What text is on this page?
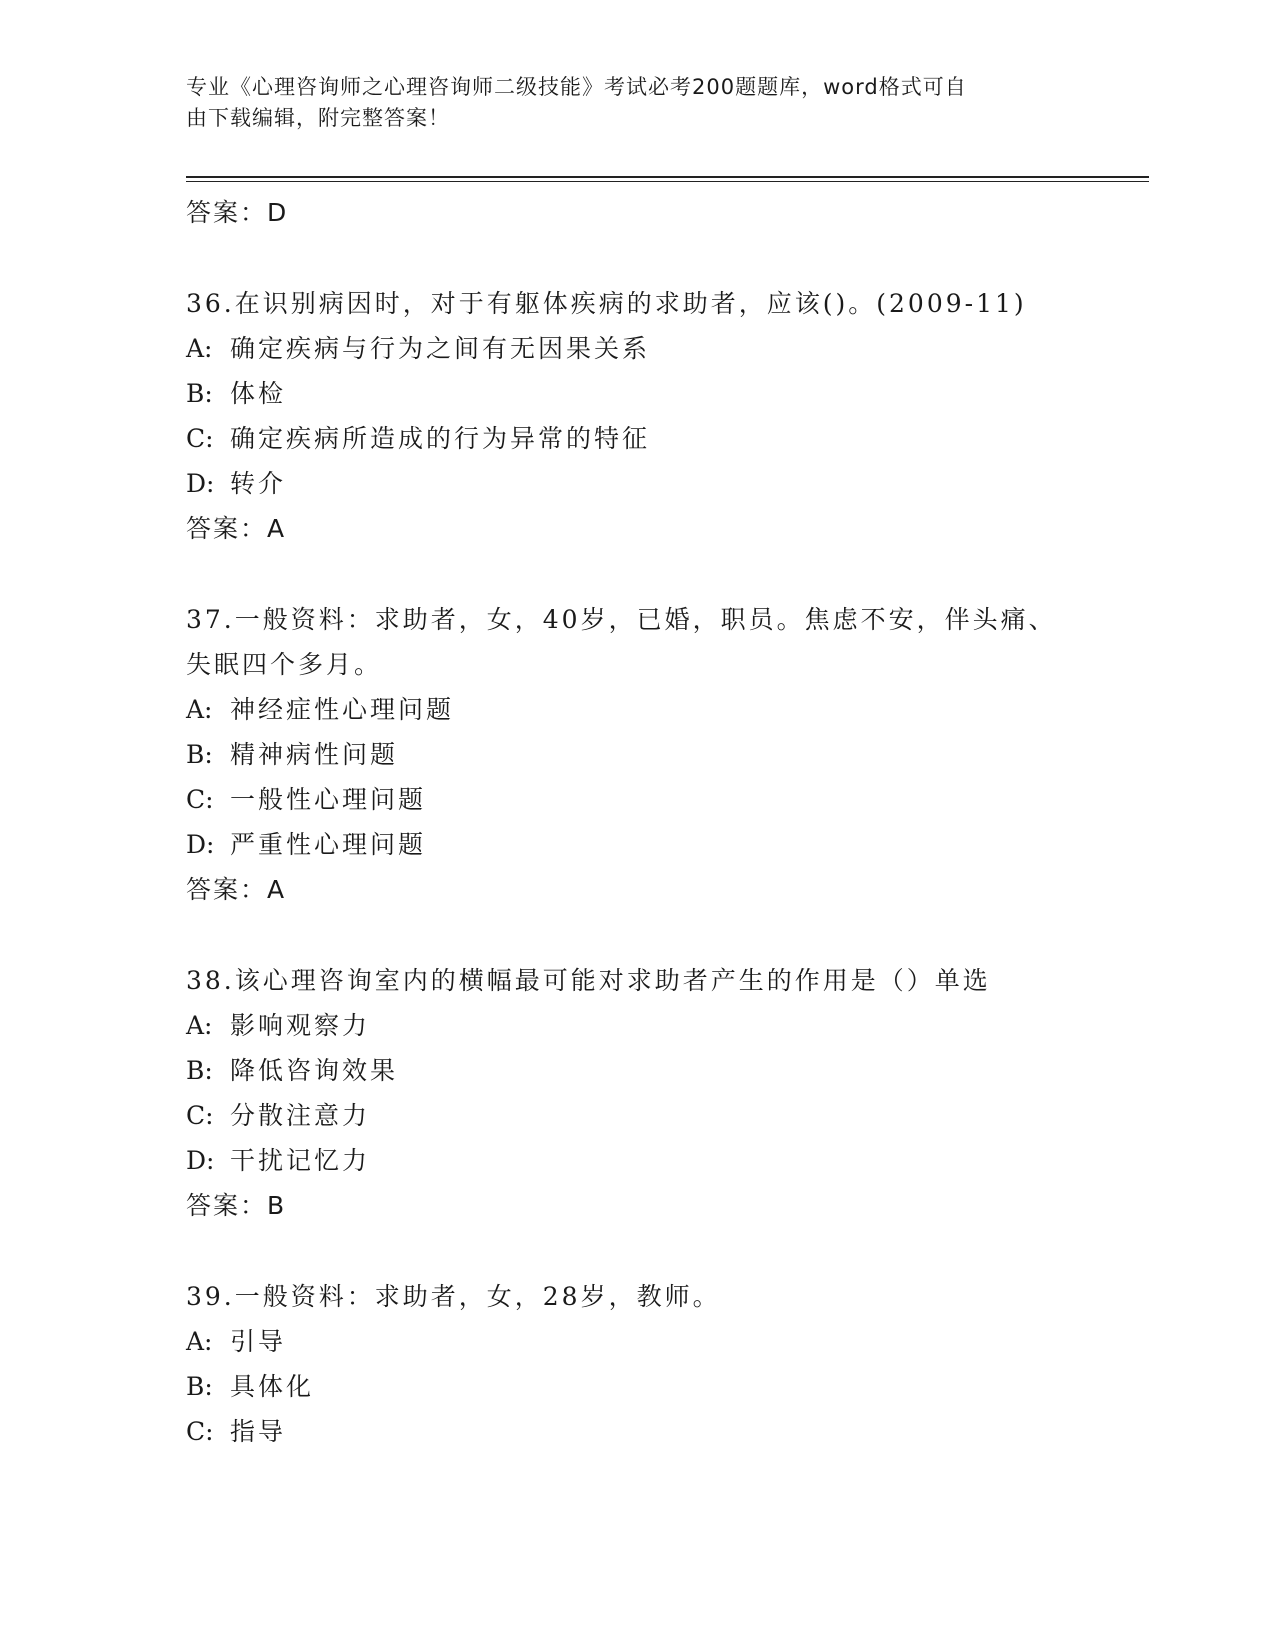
专业《心理咨询师之心理咨询师二级技能》考试必考200题题库，word格式可自
由下载编辑，附完整答案！
答案：D
36.在识别病因时，对于有躯体疾病的求助者，应该()。(2009-11)
A: 确定疾病与行为之间有无因果关系
B: 体检
C: 确定疾病所造成的行为异常的特征
D: 转介
答案：A
37.一般资料：求助者，女，40岁，已婚，职员。焦虑不安，伴头痛、
失眠四个多月。
A: 神经症性心理问题
B: 精神病性问题
C: 一般性心理问题
D: 严重性心理问题
答案：A
38.该心理咨询室内的横幅最可能对求助者产生的作用是（）单选
A: 影响观察力
B: 降低咨询效果
C: 分散注意力
D: 干扰记忆力
答案：B
39.一般资料：求助者，女，28岁，教师。
A: 引导
B: 具体化
C: 指导
